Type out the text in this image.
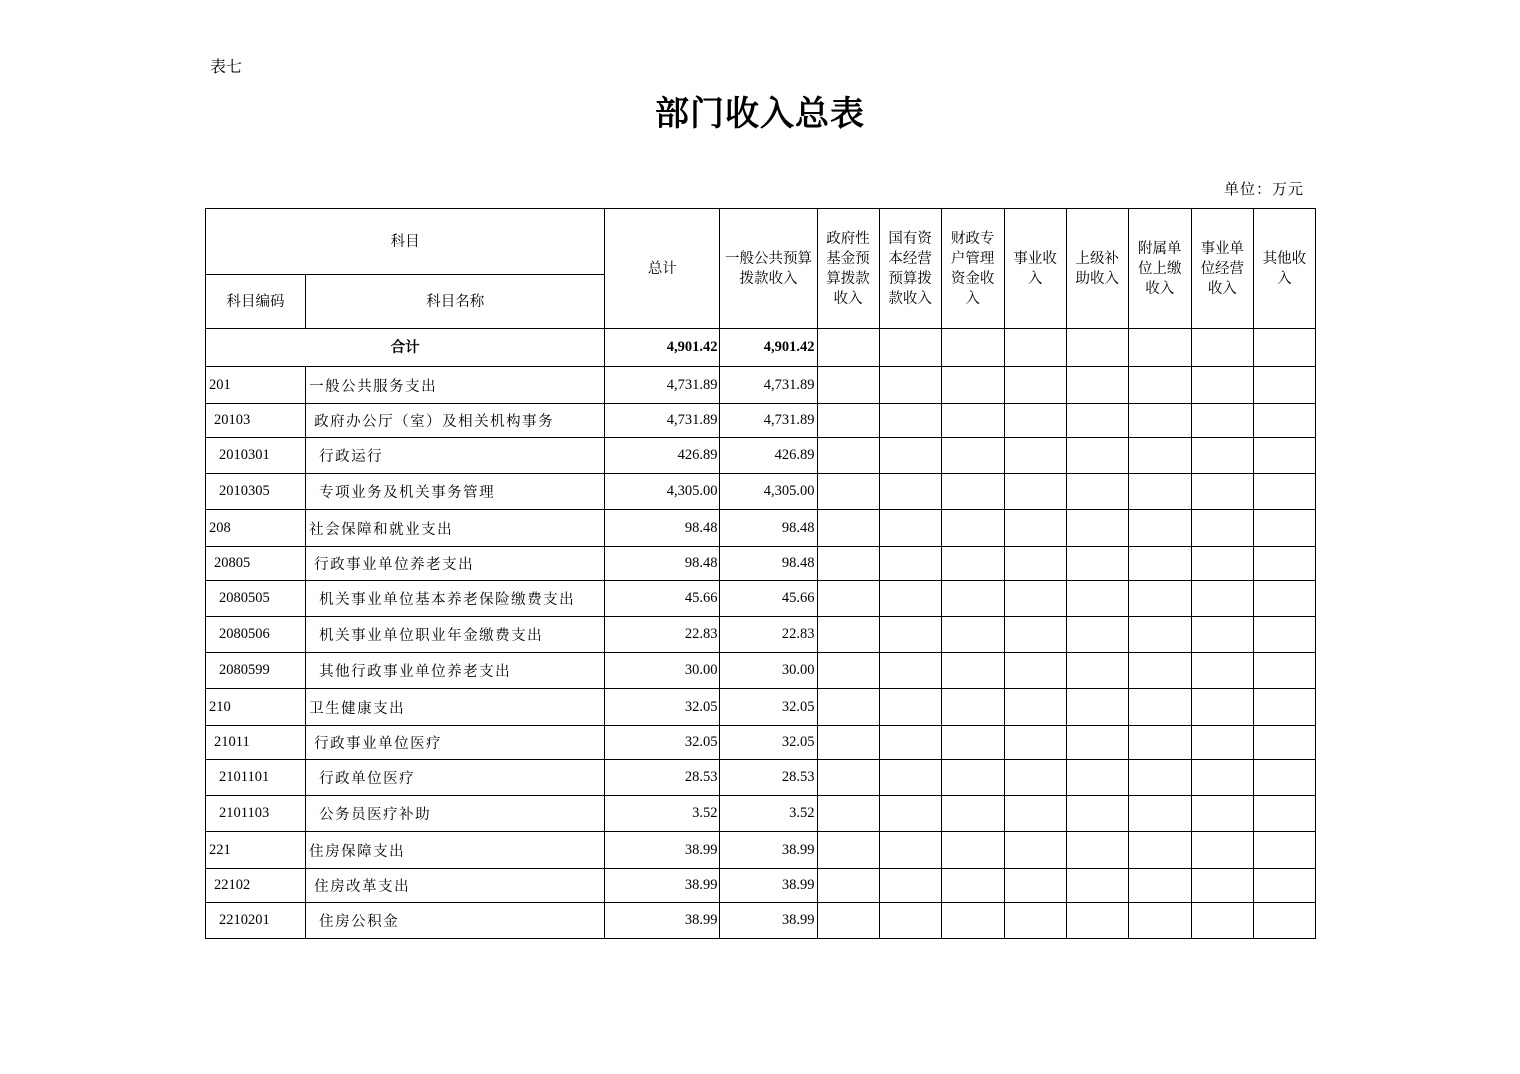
表七
部门收入总表
单位：万元
科目		总计	一般公共预算拨款收入	政府性基金预算拨款收入	国有资本经营预算拨款收入	财政专户管理资金收入	事业收入	上级补助收入	附属单位上缴收入	事业单位经营收入	其他收入
科目编码	科目名称										
合计		4,901.42	4,901.42								
201	一般公共服务支出	4,731.89	4,731.89								
20103	政府办公厅（室）及相关机构事务	4,731.89	4,731.89								
2010301	行政运行	426.89	426.89								
2010305	专项业务及机关事务管理	4,305.00	4,305.00								
208	社会保障和就业支出	98.48	98.48								
20805	行政事业单位养老支出	98.48	98.48								
2080505	机关事业单位基本养老保险缴费支出	45.66	45.66								
2080506	机关事业单位职业年金缴费支出	22.83	22.83								
2080599	其他行政事业单位养老支出	30.00	30.00								
210	卫生健康支出	32.05	32.05								
21011	行政事业单位医疗	32.05	32.05								
2101101	行政单位医疗	28.53	28.53								
2101103	公务员医疗补助	3.52	3.52								
221	住房保障支出	38.99	38.99								
22102	住房改革支出	38.99	38.99								
2210201	住房公积金	38.99	38.99								
